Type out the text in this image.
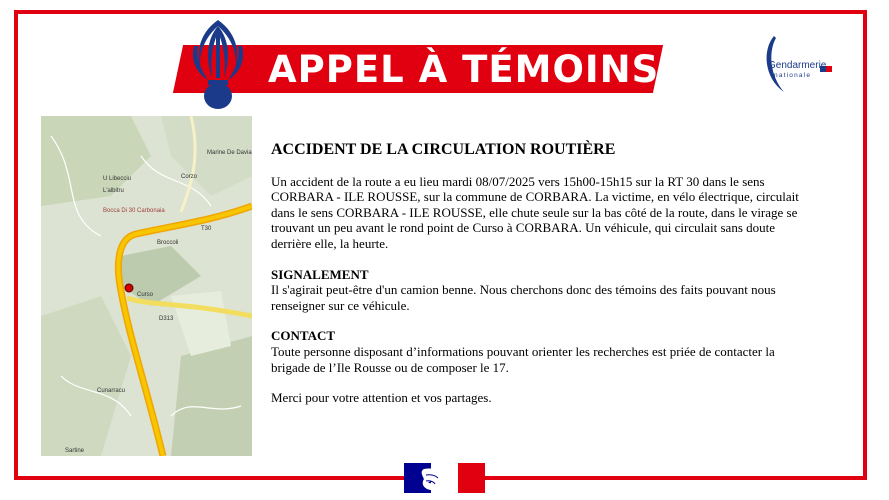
APPEL À TÉMOINS	Gendarmerie
nationale
Marine De Davia
U Libecciu	Corzo
L'albitru
Bocca Di 30 Carbonaia
Broccoli
Curso
D313
T30
Cunarracu
Sartine
ACCIDENT DE LA CIRCULATION ROUTIÈRE

Un accident de la route a eu lieu mardi 08/07/2025 vers 15h00-15h15 sur la RT 30 dans le sens CORBARA - ILE ROUSSE, sur la commune de CORBARA. La victime, en vélo électrique, circulait dans le sens CORBARA - ILE ROUSSE, elle chute seule sur la bas côté de la route, dans le virage se trouvant un peu avant le rond point de Curso à CORBARA. Un véhicule, qui circulait sans doute derrière elle, la heurte.

SIGNALEMENT

Il s'agirait peut-être d'un camion benne. Nous cherchons donc des témoins des faits pouvant nous renseigner sur ce véhicule.

CONTACT

Toute personne disposant d’informations pouvant orienter les recherches est priée de contacter la brigade de l’Ile Rousse ou de composer le 17.

Merci pour votre attention et vos partages.
